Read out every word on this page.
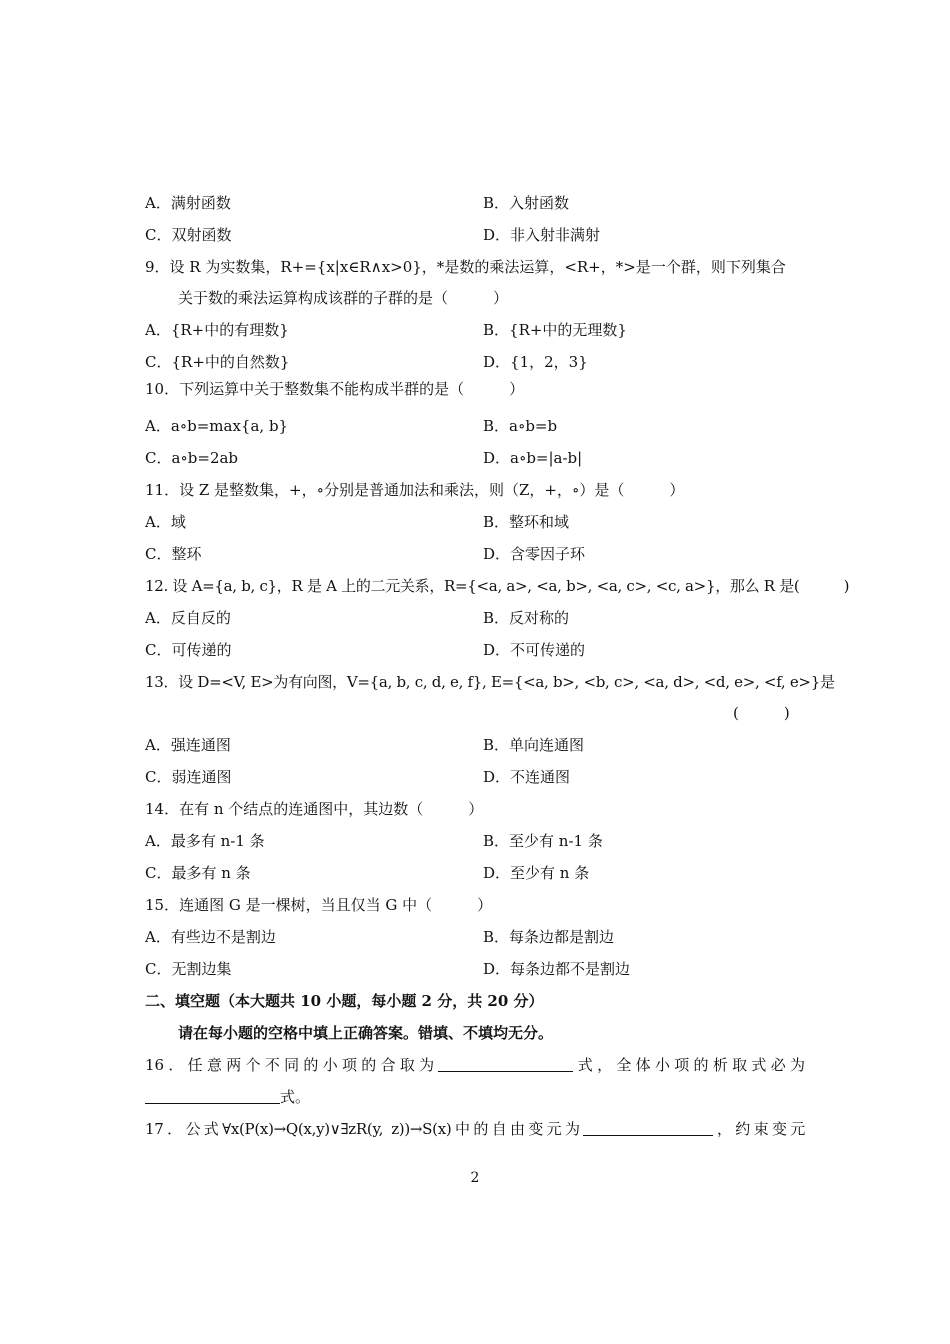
A．满射函数	B．入射函数
C．双射函数	D．非入射非满射
9．设 R 为实数集，R+={x|x∈R∧x>0}，*是数的乘法运算，<R+，*>是一个群，则下列集合
关于数的乘法运算构成该群的子群的是（　　　）
A．{R+中的有理数}	B．{R+中的无理数}
C．{R+中的自然数}	D．{1，2，3}
10．下列运算中关于整数集不能构成半群的是（　　　）
A．a∘b=max{a, b}	B．a∘b=b
C．a∘b=2ab	D．a∘b=|a-b|
11．设 Z 是整数集，+，∘分别是普通加法和乘法，则（Z，+，∘）是（　　　）
A．域	B．整环和域
C．整环	D．含零因子环
12. 设 A={a, b, c}，R 是 A 上的二元关系，R={<a, a>, <a, b>, <a, c>, <c, a>}，那么 R 是(　　　)
A．反自反的	B．反对称的
C．可传递的	D．不可传递的
13．设 D=<V, E>为有向图，V={a, b, c, d, e, f}, E={<a, b>, <b, c>, <a, d>, <d, e>, <f, e>}是
(　　　)
A．强连通图	B．单向连通图
C．弱连通图	D．不连通图
14．在有 n 个结点的连通图中，其边数（　　　）
A．最多有 n-1 条	B．至少有 n-1 条
C．最多有 n 条	D．至少有 n 条
15．连通图 G 是一棵树，当且仅当 G 中（　　　）
A．有些边不是割边	B．每条边都是割边
C．无割边集	D．每条边都不是割边
二、填空题（本大题共 10 小题，每小题 2 分，共 20 分）
请在每小题的空格中填上正确答案。错填、不填均无分。
16．任意两个不同的小项的合取为	式，全体小项的析取式必为
式。
17．公式∀x(P(x)→Q(x,y)∨∃zR(y, z))→S(x)中的自由变元为	，约束变元
2
